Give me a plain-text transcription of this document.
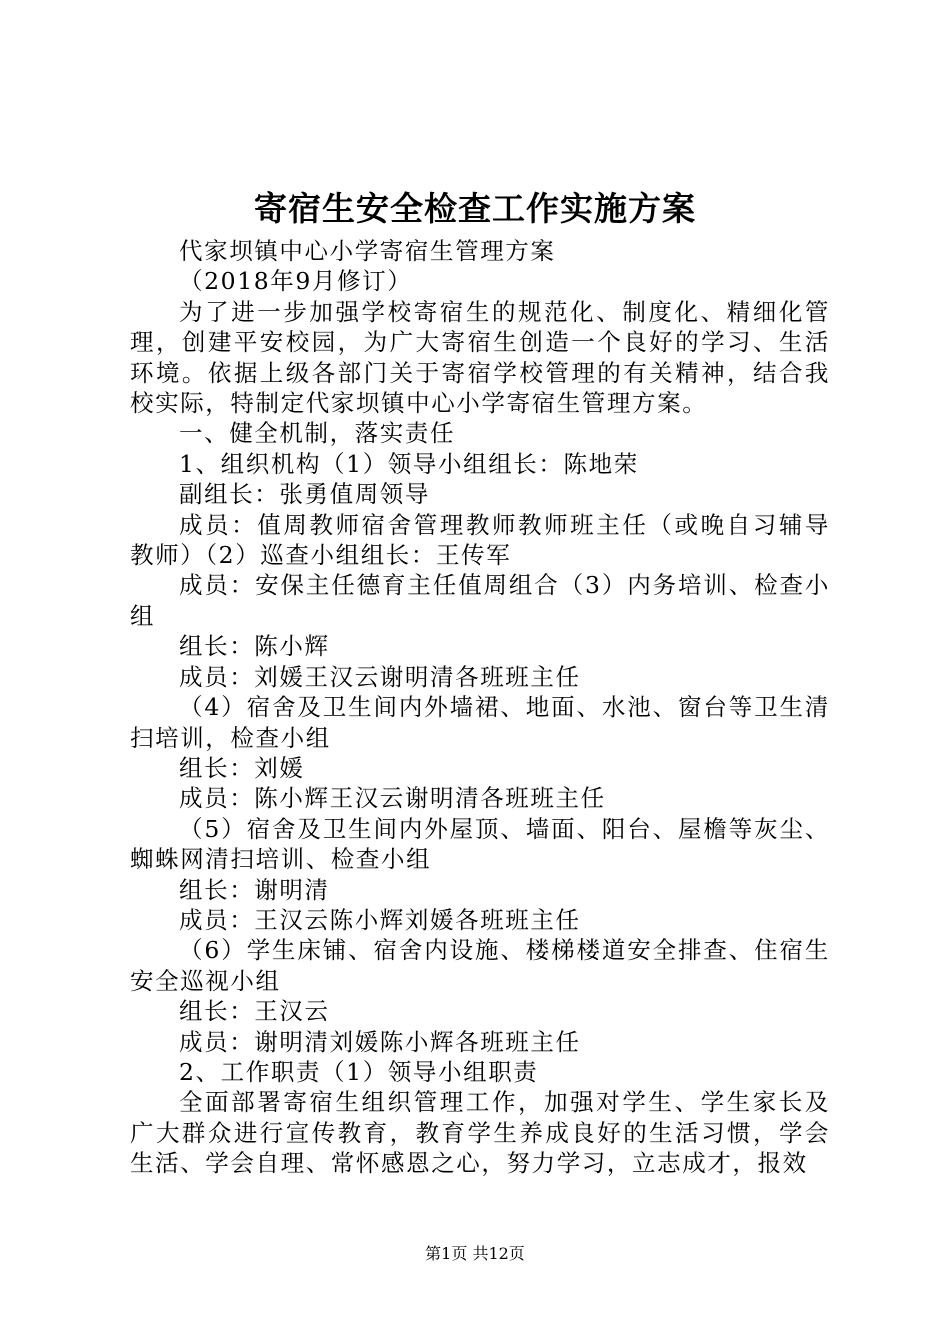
寄宿生安全检查工作实施方案

代家坝镇中心小学寄宿生管理方案

（2018年9月修订）

为了进一步加强学校寄宿生的规范化、制度化、精细化管理，创建平安校园，为广大寄宿生创造一个良好的学习、生活环境。依据上级各部门关于寄宿学校管理的有关精神，结合我校实际，特制定代家坝镇中心小学寄宿生管理方案。

一、健全机制，落实责任

1、组织机构（1）领导小组组长：陈地荣

副组长：张勇值周领导

成员：值周教师宿舍管理教师教师班主任（或晚自习辅导教师）（2）巡查小组组长：王传军

成员：安保主任德育主任值周组合（3）内务培训、检查小组

组长：陈小辉

成员：刘媛王汉云谢明清各班班主任

（4）宿舍及卫生间内外墙裙、地面、水池、窗台等卫生清扫培训，检查小组

组长：刘媛

成员：陈小辉王汉云谢明清各班班主任

（5）宿舍及卫生间内外屋顶、墙面、阳台、屋檐等灰尘、蜘蛛网清扫培训、检查小组

组长：谢明清

成员：王汉云陈小辉刘媛各班班主任

（6）学生床铺、宿舍内设施、楼梯楼道安全排查、住宿生安全巡视小组

组长：王汉云

成员：谢明清刘媛陈小辉各班班主任

2、工作职责（1）领导小组职责

全面部署寄宿生组织管理工作，加强对学生、学生家长及广大群众进行宣传教育，教育学生养成良好的生活习惯，学会生活、学会自理、常怀感恩之心，努力学习，立志成才，报效

第1页 共12页
